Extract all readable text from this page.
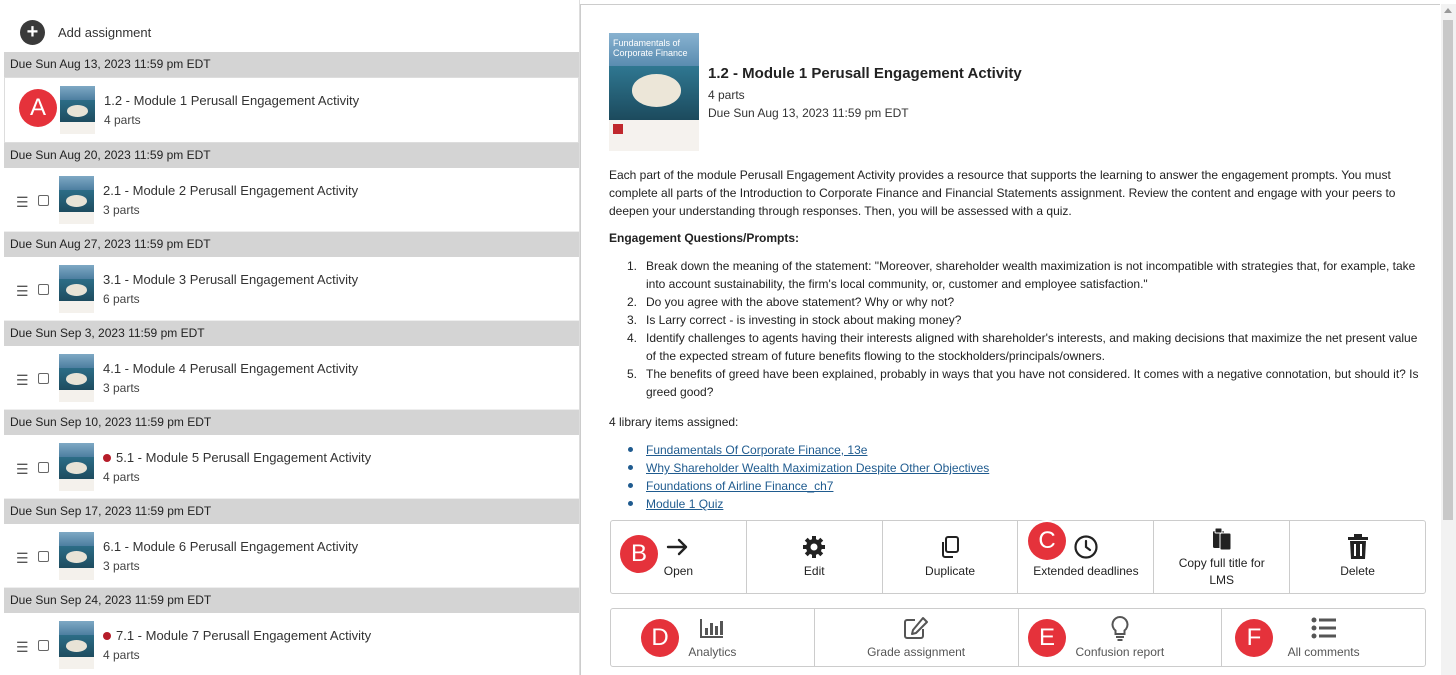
+	Add assignment
Due Sun Aug 13, 2023 11:59 pm EDT
1.2 - Module 1 Perusall Engagement Activity
4 parts
Due Sun Aug 20, 2023 11:59 pm EDT
☰
2.1 - Module 2 Perusall Engagement Activity
3 parts
Due Sun Aug 27, 2023 11:59 pm EDT
☰
3.1 - Module 3 Perusall Engagement Activity
6 parts
Due Sun Sep 3, 2023 11:59 pm EDT
☰
4.1 - Module 4 Perusall Engagement Activity
3 parts
Due Sun Sep 10, 2023 11:59 pm EDT
☰
5.1 - Module 5 Perusall Engagement Activity
4 parts
Due Sun Sep 17, 2023 11:59 pm EDT
☰
6.1 - Module 6 Perusall Engagement Activity
3 parts
Due Sun Sep 24, 2023 11:59 pm EDT
☰
7.1 - Module 7 Perusall Engagement Activity
4 parts
A
Fundamentals of Corporate Finance
1.2 - Module 1 Perusall Engagement Activity
4 parts
Due Sun Aug 13, 2023 11:59 pm EDT
Each part of the module Perusall Engagement Activity provides a resource that supports the learning to answer the engagement prompts. You must complete all parts of the Introduction to Corporate Finance and Financial Statements assignment. Review the content and engage with your peers to deepen your understanding through responses. Then, you will be assessed with a quiz.
Engagement Questions/Prompts:
1. Break down the meaning of the statement: "Moreover, shareholder wealth maximization is not incompatible with strategies that, for example, take into account sustainability, the firm's local community, or, customer and employee satisfaction."
2. Do you agree with the above statement? Why or why not?
3. Is Larry correct - is investing in stock about making money?
4. Identify challenges to agents having their interests aligned with shareholder's interests, and making decisions that maximize the net present value of the expected stream of future benefits flowing to the stockholders/principals/owners.
5. The benefits of greed have been explained, probably in ways that you have not considered. It comes with a negative connotation, but should it? Is greed good?
4 library items assigned:
Fundamentals Of Corporate Finance, 13e
Why Shareholder Wealth Maximization Despite Other Objectives
Foundations of Airline Finance_ch7
Module 1 Quiz
Open	Edit	Duplicate	Extended deadlines
Copy full title for LMS
Delete
Analytics	Grade assignment	Confusion report	All comments
B	C
D	E	F
